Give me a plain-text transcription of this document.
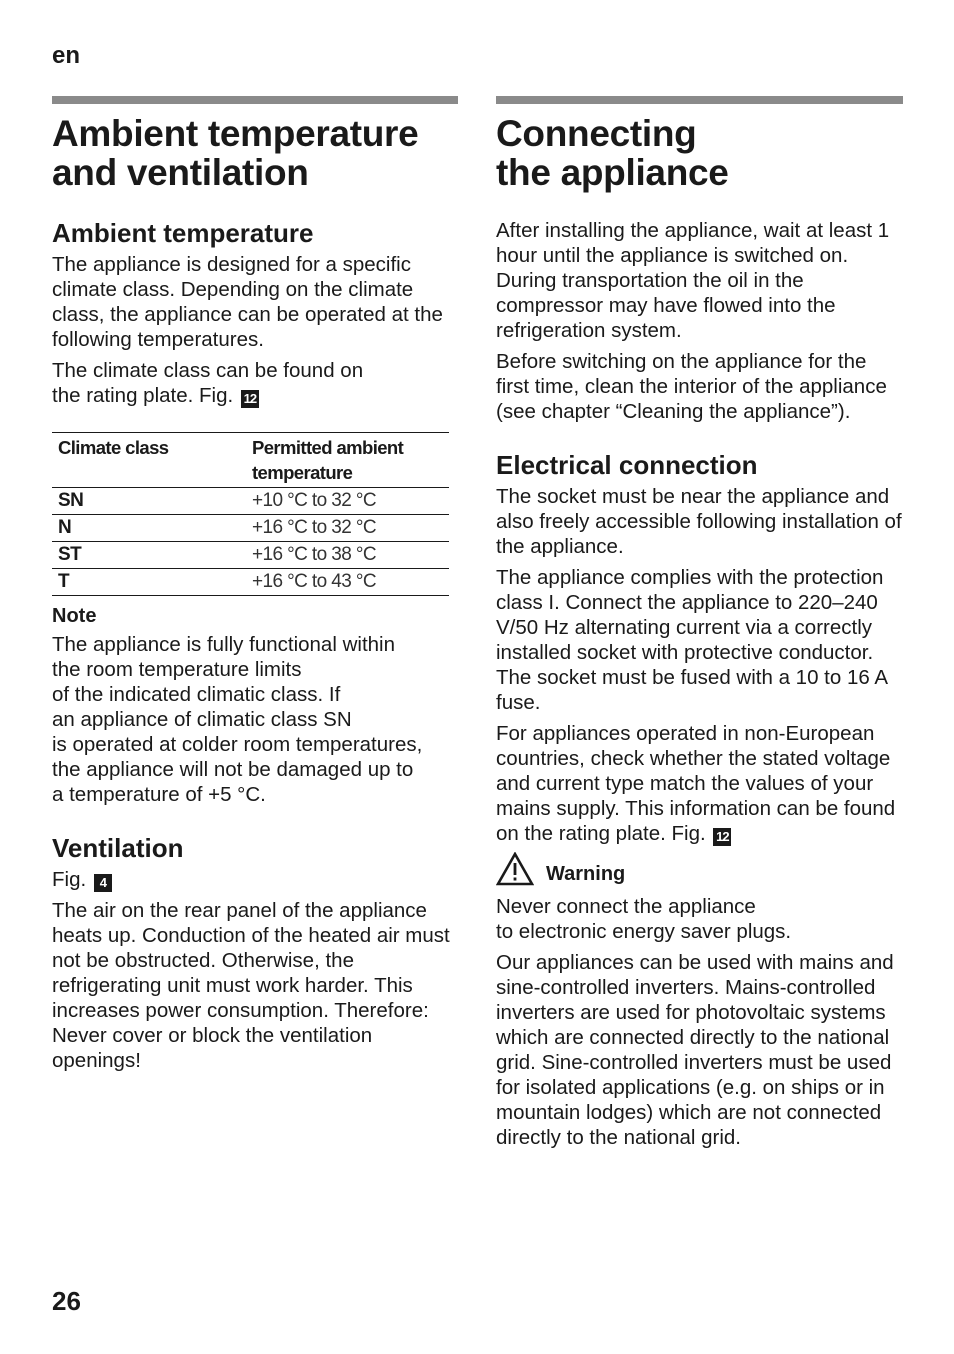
en
Ambient temperature
and ventilation
Ambient temperature

The appliance is designed for a specific climate class. Depending on the climate class, the appliance can be operated at the following temperatures.

The climate class can be found on
the rating plate. Fig. 12

Climate class	Permitted ambient
temperature
SN	+10 °C to 32 °C
N	+16 °C to 32 °C
ST	+16 °C to 38 °C
T	+16 °C to 43 °C
Note

The appliance is fully functional within
the room temperature limits
of the indicated climatic class. If
an appliance of climatic class SN
is operated at colder room temperatures,
the appliance will not be damaged up to
a temperature of +5 °C.

Ventilation

Fig. 4

The air on the rear panel of the appliance heats up. Conduction of the heated air must not be obstructed. Otherwise, the refrigerating unit must work harder. This increases power consumption. Therefore: Never cover or block the ventilation openings!

Connecting
the appliance

After installing the appliance, wait at least 1 hour until the appliance is switched on. During transportation the oil in the compressor may have flowed into the refrigeration system.

Before switching on the appliance for the first time, clean the interior of the appliance (see chapter “Cleaning the appliance”).

Electrical connection

The socket must be near the appliance and also freely accessible following installation of the appliance.

The appliance complies with the protection class I. Connect the appliance to 220–240 V/50 Hz alternating current via a correctly installed socket with protective conductor. The socket must be fused with a 10 to 16 A fuse.

For appliances operated in non-European countries, check whether the stated voltage and current type match the values of your mains supply. This information can be found on the rating plate. Fig. 12

Warning

Never connect the appliance
to electronic energy saver plugs.

Our appliances can be used with mains and sine-controlled inverters. Mains-controlled inverters are used for photovoltaic systems which are connected directly to the national grid. Sine-controlled inverters must be used for isolated applications (e.g. on ships or in mountain lodges) which are not connected directly to the national grid.

26
